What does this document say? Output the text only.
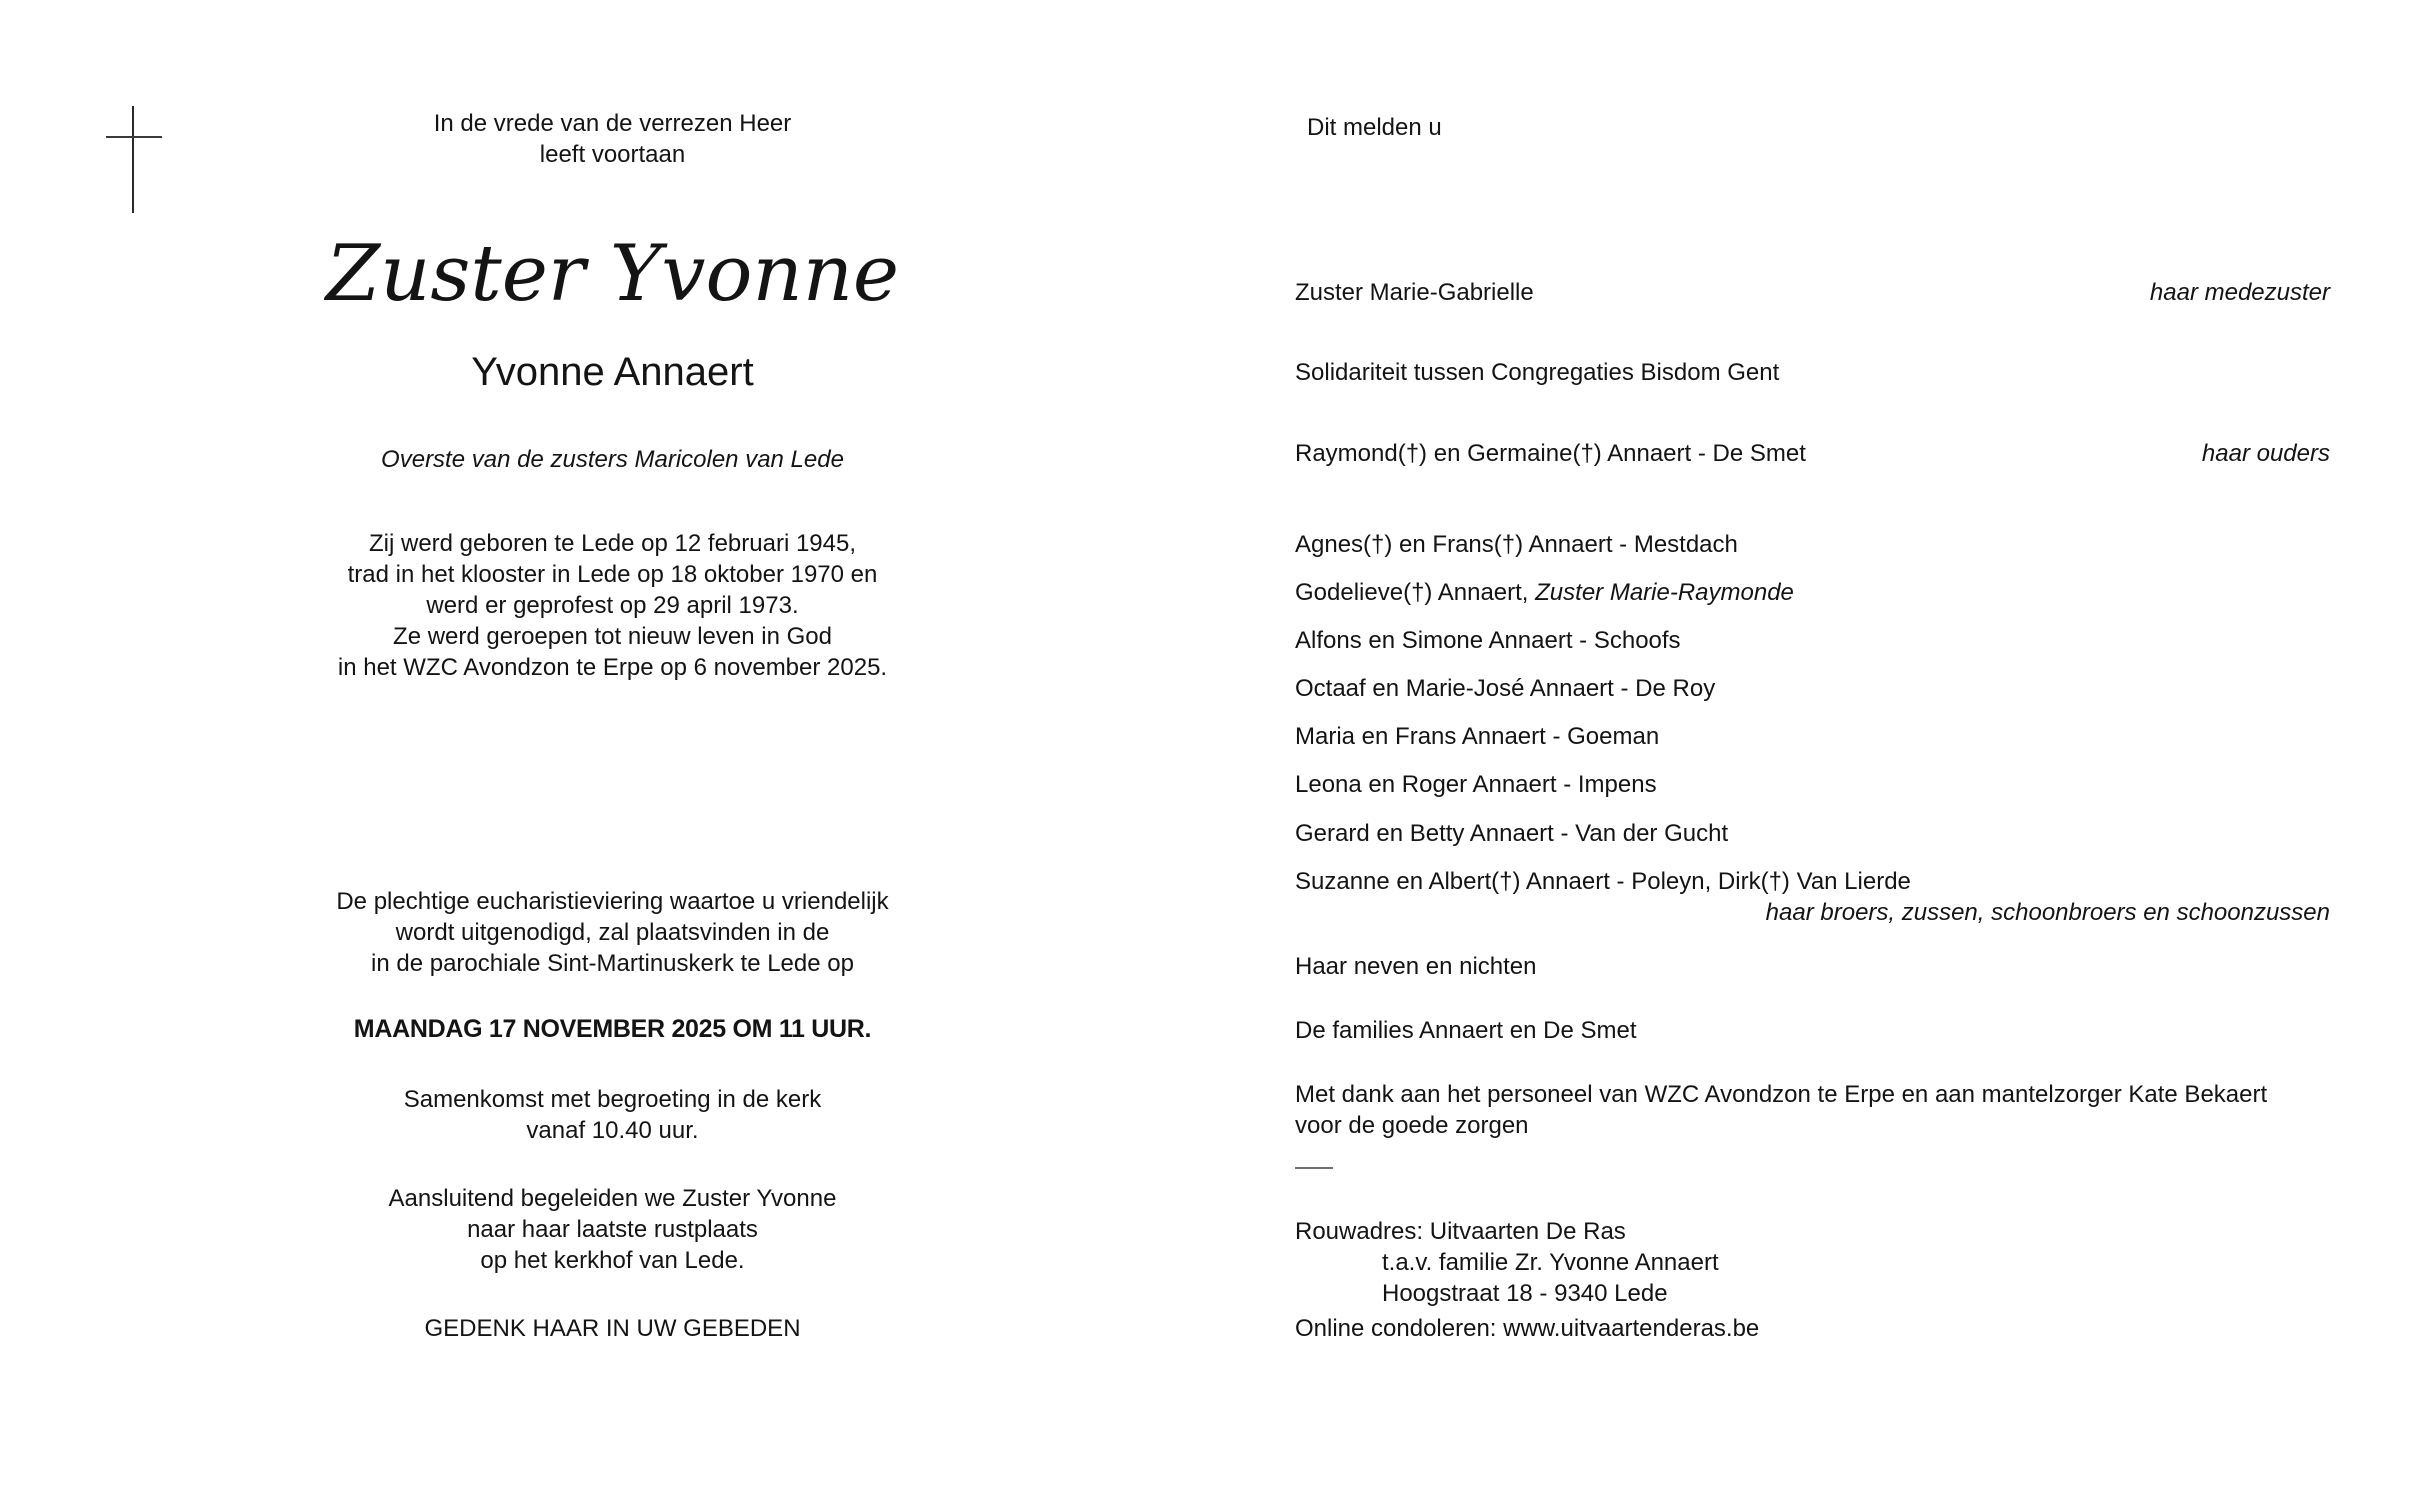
In de vrede van de verrezen Heer
leeft voortaan
Zuster Yvonne
Yvonne Annaert
Overste van de zusters Maricolen van Lede
Zij werd geboren te Lede op 12 februari 1945,
trad in het klooster in Lede op 18 oktober 1970 en
werd er geprofest op 29 april 1973.
Ze werd geroepen tot nieuw leven in God
in het WZC Avondzon te Erpe op 6 november 2025.
De plechtige eucharistieviering waartoe u vriendelijk
wordt uitgenodigd, zal plaatsvinden in de
in de parochiale Sint-Martinuskerk te Lede op
MAANDAG 17 NOVEMBER 2025 OM 11 UUR.
Samenkomst met begroeting in de kerk
vanaf 10.40 uur.
Aansluitend begeleiden we Zuster Yvonne
naar haar laatste rustplaats
op het kerkhof van Lede.
GEDENK HAAR IN UW GEBEDEN
Dit melden u
Zuster Marie-Gabrielle	haar medezuster
Solidariteit tussen Congregaties Bisdom Gent
Raymond(†) en Germaine(†) Annaert - De Smet	haar ouders
Agnes(†) en Frans(†) Annaert - Mestdach
Godelieve(†) Annaert, Zuster Marie-Raymonde
Alfons en Simone Annaert - Schoofs
Octaaf en Marie-José Annaert - De Roy
Maria en Frans Annaert - Goeman
Leona en Roger Annaert - Impens
Gerard en Betty Annaert - Van der Gucht
Suzanne en Albert(†) Annaert - Poleyn, Dirk(†) Van Lierde
haar broers, zussen, schoonbroers en schoonzussen
Haar neven en nichten
De families Annaert en De Smet
Met dank aan het personeel van WZC Avondzon te Erpe en aan mantelzorger Kate Bekaert
voor de goede zorgen
Rouwadres: Uitvaarten De Ras
t.a.v. familie Zr. Yvonne Annaert
Hoogstraat 18 - 9340 Lede
Online condoleren: www.uitvaartenderas.be
